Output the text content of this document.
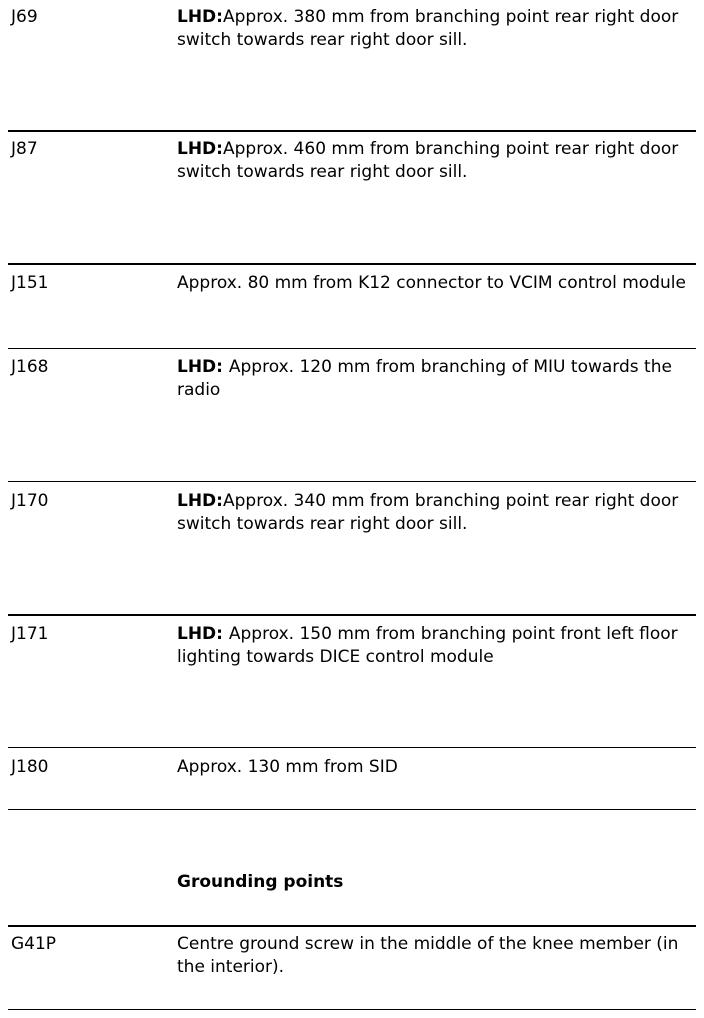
J69	LHD:Approx. 380 mm from branching point rear right door switch towards rear right door sill.
J87	LHD:Approx. 460 mm from branching point rear right door switch towards rear right door sill.
J151	Approx. 80 mm from K12 connector to VCIM control module
J168	LHD: Approx. 120 mm from branching of MIU towards the radio
J170	LHD:Approx. 340 mm from branching point rear right door switch towards rear right door sill.
J171	LHD: Approx. 150 mm from branching point front left floor lighting towards DICE control module
J180	Approx. 130 mm from SID
Grounding points
G41P	Centre ground screw in the middle of the knee member (in the interior).
